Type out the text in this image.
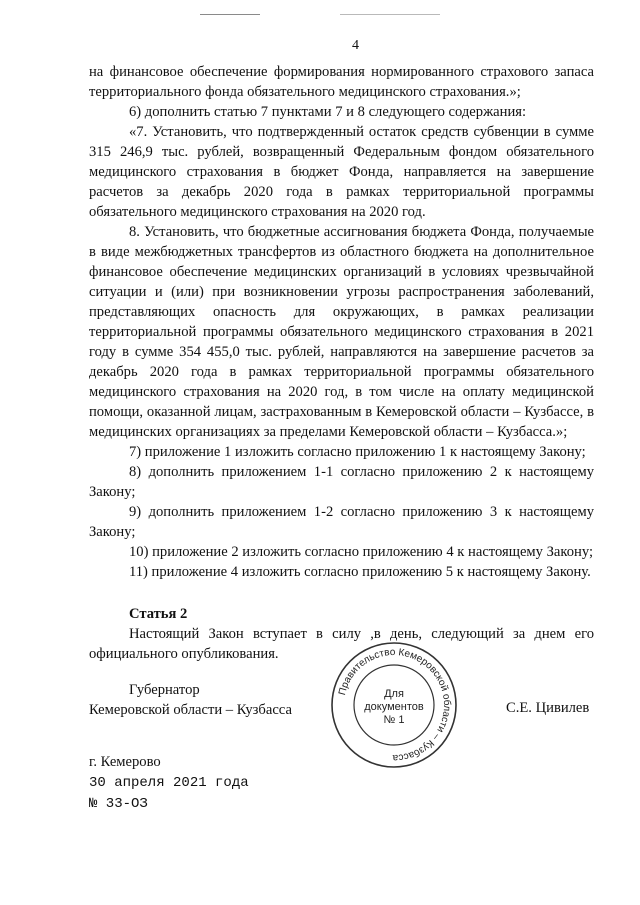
4

на финансовое обеспечение формирования нормированного страхового запаса территориального фонда обязательного медицинского страхования.»;

6) дополнить статью 7 пунктами 7 и 8 следующего содержания:

«7. Установить, что подтвержденный остаток средств субвенции в сумме 315 246,9 тыс. рублей, возвращенный Федеральным фондом обязательного медицинского страхования в бюджет Фонда, направляется на завершение расчетов за декабрь 2020 года в рамках территориальной программы обязательного медицинского страхования на 2020 год.

8. Установить, что бюджетные ассигнования бюджета Фонда, получаемые в виде межбюджетных трансфертов из областного бюджета на дополнительное финансовое обеспечение медицинских организаций в условиях чрезвычайной ситуации и (или) при возникновении угрозы распространения заболеваний, представляющих опасность для окружающих, в рамках реализации территориальной программы обязательного медицинского страхования в 2021 году в сумме 354 455,0 тыс. рублей, направляются на завершение расчетов за декабрь 2020 года в рамках территориальной программы обязательного медицинского страхования на 2020 год, в том числе на оплату медицинской помощи, оказанной лицам, застрахованным в Кемеровской области – Кузбассе, в медицинских организациях за пределами Кемеровской области – Кузбасса.»;

7) приложение 1 изложить согласно приложению 1 к настоящему Закону;

8) дополнить приложением 1-1 согласно приложению 2 к настоящему Закону;

9) дополнить приложением 1-2 согласно приложению 3 к настоящему Закону;

10) приложение 2 изложить согласно приложению 4 к настоящему Закону;

11) приложение 4 изложить согласно приложению 5 к настоящему Закону.

Статья 2

Настоящий Закон вступает в силу ,в день, следующий за днем его официального опубликования.

Губернатор
Кемеровской области – Кузбасса
Правительство Кемеровской области – Кузбасса
Для
документов
№ 1
С.Е. Цивилев
г. Кемерово
30 апреля 2021 года
№ 33-ОЗ
